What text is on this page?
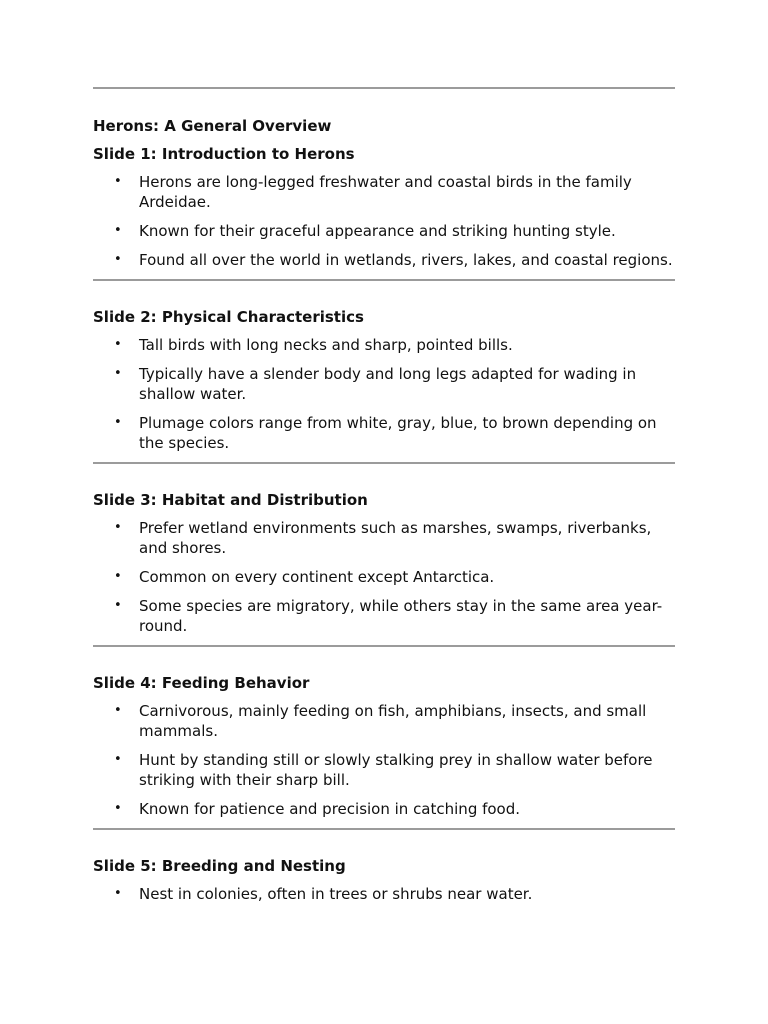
Herons: A General Overview
Slide 1: Introduction to Herons
• Herons are long-legged freshwater and coastal birds in the family Ardeidae.
• Known for their graceful appearance and striking hunting style.
• Found all over the world in wetlands, rivers, lakes, and coastal regions.
Slide 2: Physical Characteristics
• Tall birds with long necks and sharp, pointed bills.
• Typically have a slender body and long legs adapted for wading in shallow water.
• Plumage colors range from white, gray, blue, to brown depending on the species.
Slide 3: Habitat and Distribution
• Prefer wetland environments such as marshes, swamps, riverbanks, and shores.
• Common on every continent except Antarctica.
• Some species are migratory, while others stay in the same area year-round.
Slide 4: Feeding Behavior
• Carnivorous, mainly feeding on fish, amphibians, insects, and small mammals.
• Hunt by standing still or slowly stalking prey in shallow water before striking with their sharp bill.
• Known for patience and precision in catching food.
Slide 5: Breeding and Nesting
• Nest in colonies, often in trees or shrubs near water.
